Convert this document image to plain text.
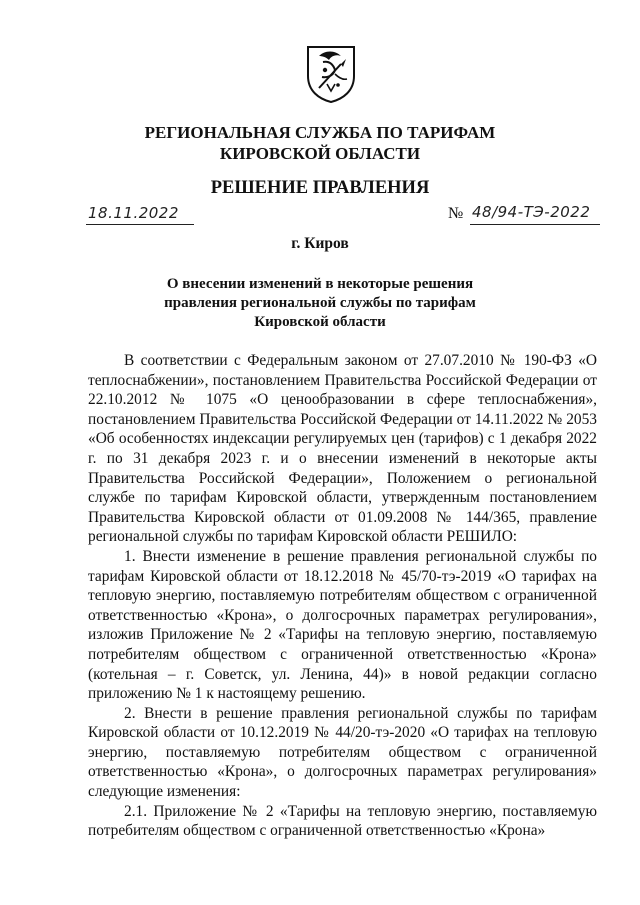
РЕГИОНАЛЬНАЯ СЛУЖБА ПО ТАРИФАМ
КИРОВСКОЙ ОБЛАСТИ
РЕШЕНИЕ ПРАВЛЕНИЯ
18.11.2022	№ 48/94-ТЭ-2022
г. Киров
О внесении изменений в некоторые решения
правления региональной службы по тарифам
Кировской области

В соответствии с Федеральным законом от 27.07.2010 № 190-ФЗ «О теплоснабжении», постановлением Правительства Российской Федерации от 22.10.2012 № 1075 «О ценообразовании в сфере теплоснабжения», постановлением Правительства Российской Федерации от 14.11.2022 № 2053 «Об особенностях индексации регулируемых цен (тарифов) с 1 декабря 2022 г. по 31 декабря 2023 г. и о внесении изменений в некоторые акты Правительства Российской Федерации», Положением о региональной службе по тарифам Кировской области, утвержденным постановлением Правительства Кировской области от 01.09.2008 № 144/365, правление региональной службы по тарифам Кировской области РЕШИЛО:

1. Внести изменение в решение правления региональной службы по тарифам Кировской области от 18.12.2018 № 45/70-тэ-2019 «О тарифах на тепловую энергию, поставляемую потребителям обществом с ограниченной ответственностью «Крона», о долгосрочных параметрах регулирования», изложив Приложение № 2 «Тарифы на тепловую энергию, поставляемую потребителям обществом с ограниченной ответственностью «Крона» (котельная – г. Советск, ул. Ленина, 44)» в новой редакции согласно приложению № 1 к настоящему решению.

2. Внести в решение правления региональной службы по тарифам Кировской области от 10.12.2019 № 44/20-тэ-2020 «О тарифах на тепловую энергию, поставляемую потребителям обществом с ограниченной ответственностью «Крона», о долгосрочных параметрах регулирования» следующие изменения:

2.1. Приложение № 2 «Тарифы на тепловую энергию, поставляемую потребителям обществом с ограниченной ответственностью «Крона»
